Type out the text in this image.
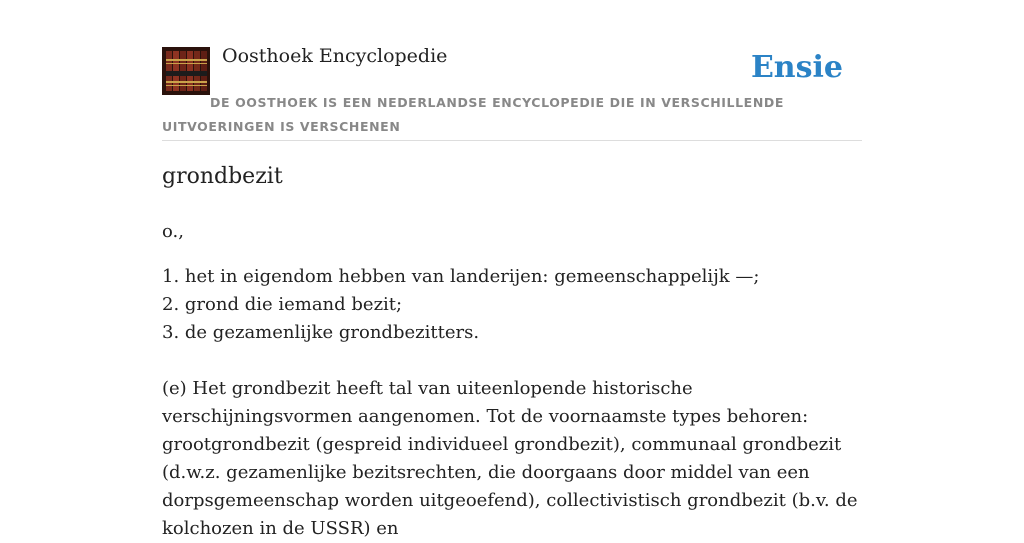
Oosthoek Encyclopedie	Ensie
DE OOSTHOEK IS EEN NEDERLANDSE ENCYCLOPEDIE DIE IN VERSCHILLENDE UITVOERINGEN IS VERSCHENEN
grondbezit
o.,
1. het in eigendom hebben van landerijen: gemeenschappelijk —;
2. grond die iemand bezit;
3. de gezamenlijke grondbezitters.
(e) Het grondbezit heeft tal van uiteenlopende historische verschijningsvormen aangenomen. Tot de voornaamste types behoren: grootgrondbezit (gespreid individueel grondbezit), communaal grondbezit (d.w.z. gezamenlijke bezitsrechten, die doorgaans door middel van een dorpsgemeenschap worden uitgeoefend), collectivistisch grondbezit (b.v. de kolchozen in de USSR) en
